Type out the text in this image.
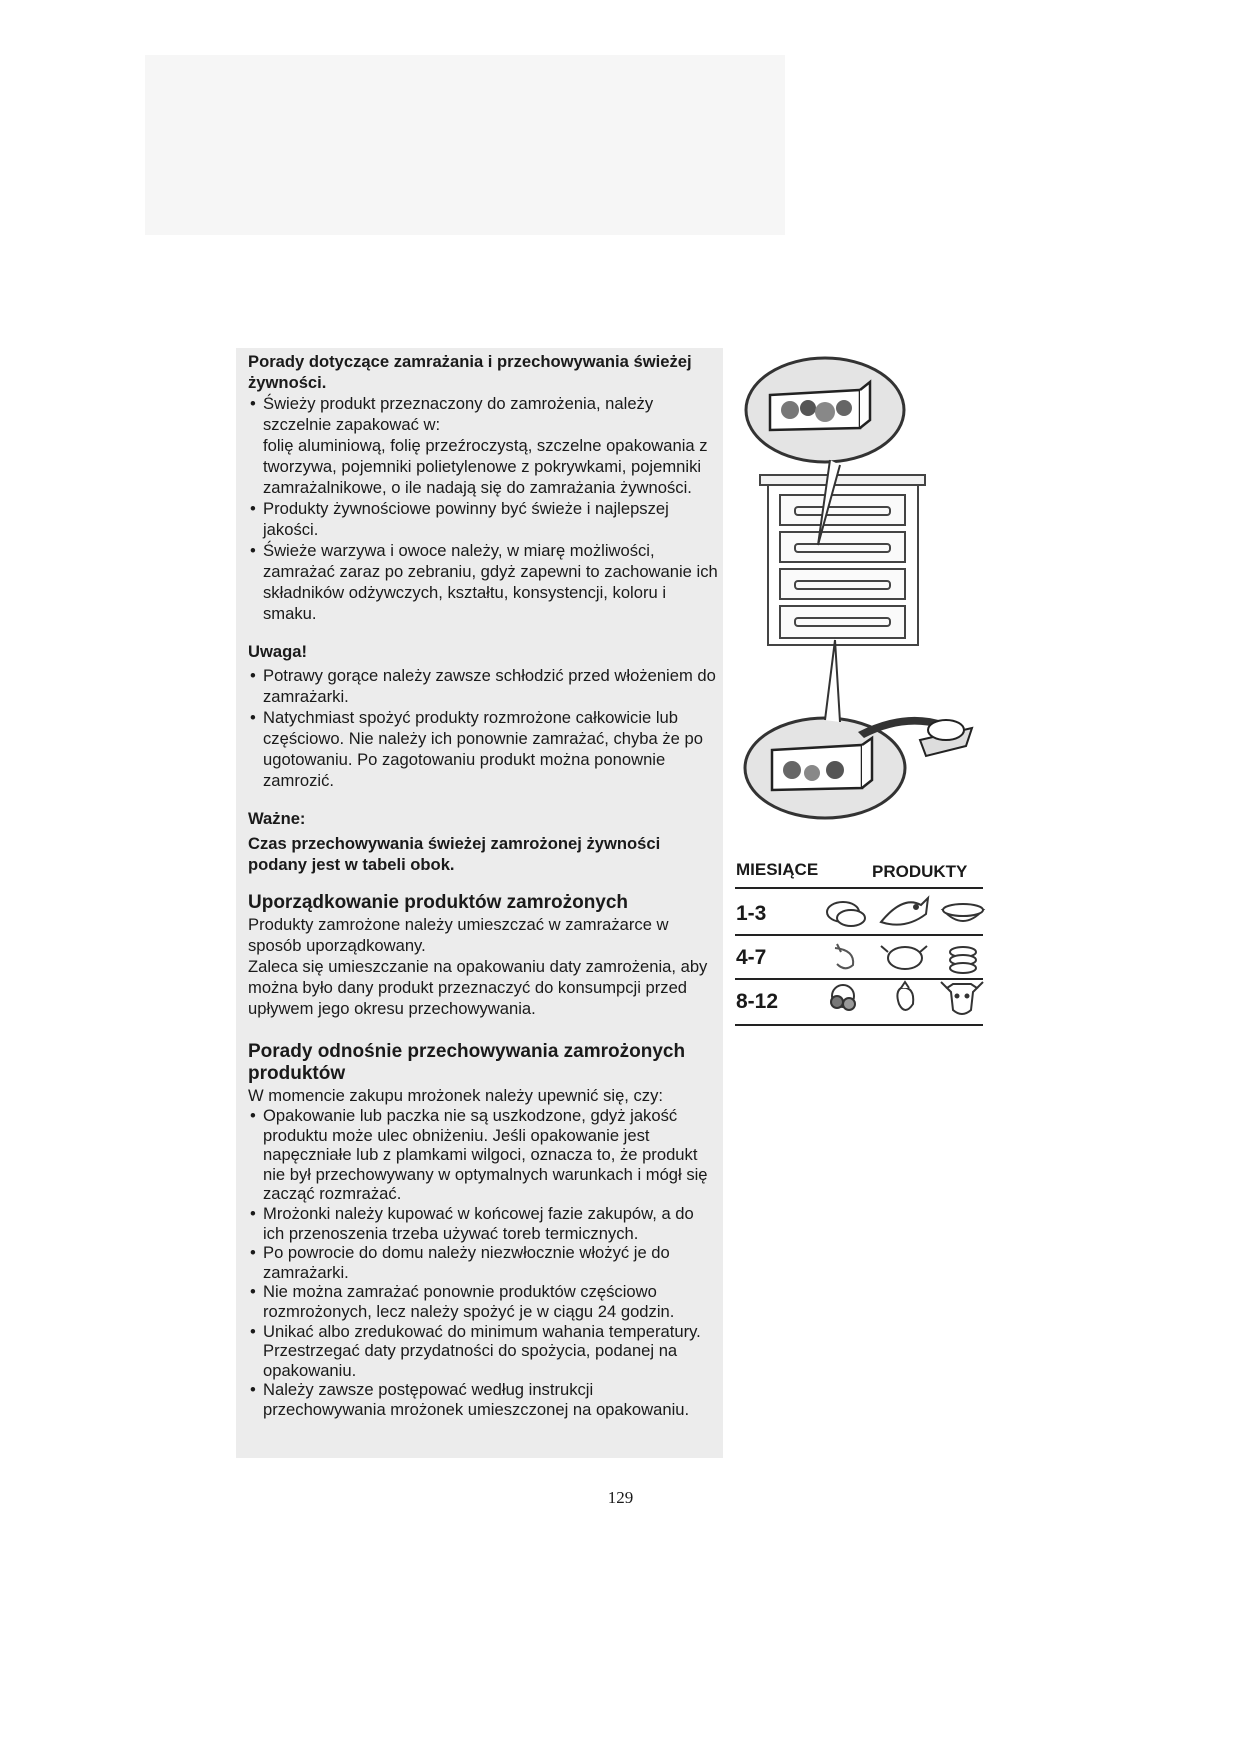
Porady dotyczące zamrażania i przechowywania świeżej żywności.

• Świeży produkt przeznaczony do zamrożenia, należy szczelnie zapakować w:
folię aluminiową, folię przeźroczystą, szczelne opakowania z tworzywa, pojemniki polietylenowe z pokrywkami, pojemniki zamrażalnikowe, o ile nadają się do zamrażania żywności.
• Produkty żywnościowe powinny być świeże i najlepszej jakości.
• Świeże warzywa i owoce należy, w miarę możliwości, zamrażać zaraz po zebraniu, gdyż zapewni to zachowanie ich składników odżywczych, kształtu, konsystencji, koloru i smaku.

Uwaga!

• Potrawy gorące należy zawsze schłodzić przed włożeniem do zamrażarki.
• Natychmiast spożyć produkty rozmrożone całkowicie lub częściowo. Nie należy ich ponownie zamrażać, chyba że po ugotowaniu. Po zagotowaniu produkt można ponownie zamrozić.

Ważne:

Czas przechowywania świeżej zamrożonej żywności podany jest w tabeli obok.

Uporządkowanie produktów zamrożonych

Produkty zamrożone należy umieszczać w zamrażarce w sposób uporządkowany.

Zaleca się umieszczanie na opakowaniu daty zamrożenia, aby można było dany produkt przeznaczyć do konsumpcji przed upływem jego okresu przechowywania.

Porady odnośnie przechowywania zamrożonych produktów

W momencie zakupu mrożonek należy upewnić się, czy:

• Opakowanie lub paczka nie są uszkodzone, gdyż jakość produktu może ulec obniżeniu. Jeśli opakowanie jest napęczniałe lub z plamkami wilgoci, oznacza to, że produkt nie był przechowywany w optymalnych warunkach i mógł się zacząć rozmrażać.
• Mrożonki należy kupować w końcowej fazie zakupów, a do ich przenoszenia trzeba używać toreb termicznych.
• Po powrocie do domu należy niezwłocznie włożyć je do zamrażarki.
• Nie można zamrażać ponownie produktów częściowo rozmrożonych, lecz należy spożyć je w ciągu 24 godzin.
• Unikać albo zredukować do minimum wahania temperatury. Przestrzegać daty przydatności do spożycia, podanej na opakowaniu.
• Należy zawsze postępować według instrukcji przechowywania mrożonek umieszczonej na opakowaniu.
MIESIĄCE	PRODUKTY
1-3
4-7
8-12
129
